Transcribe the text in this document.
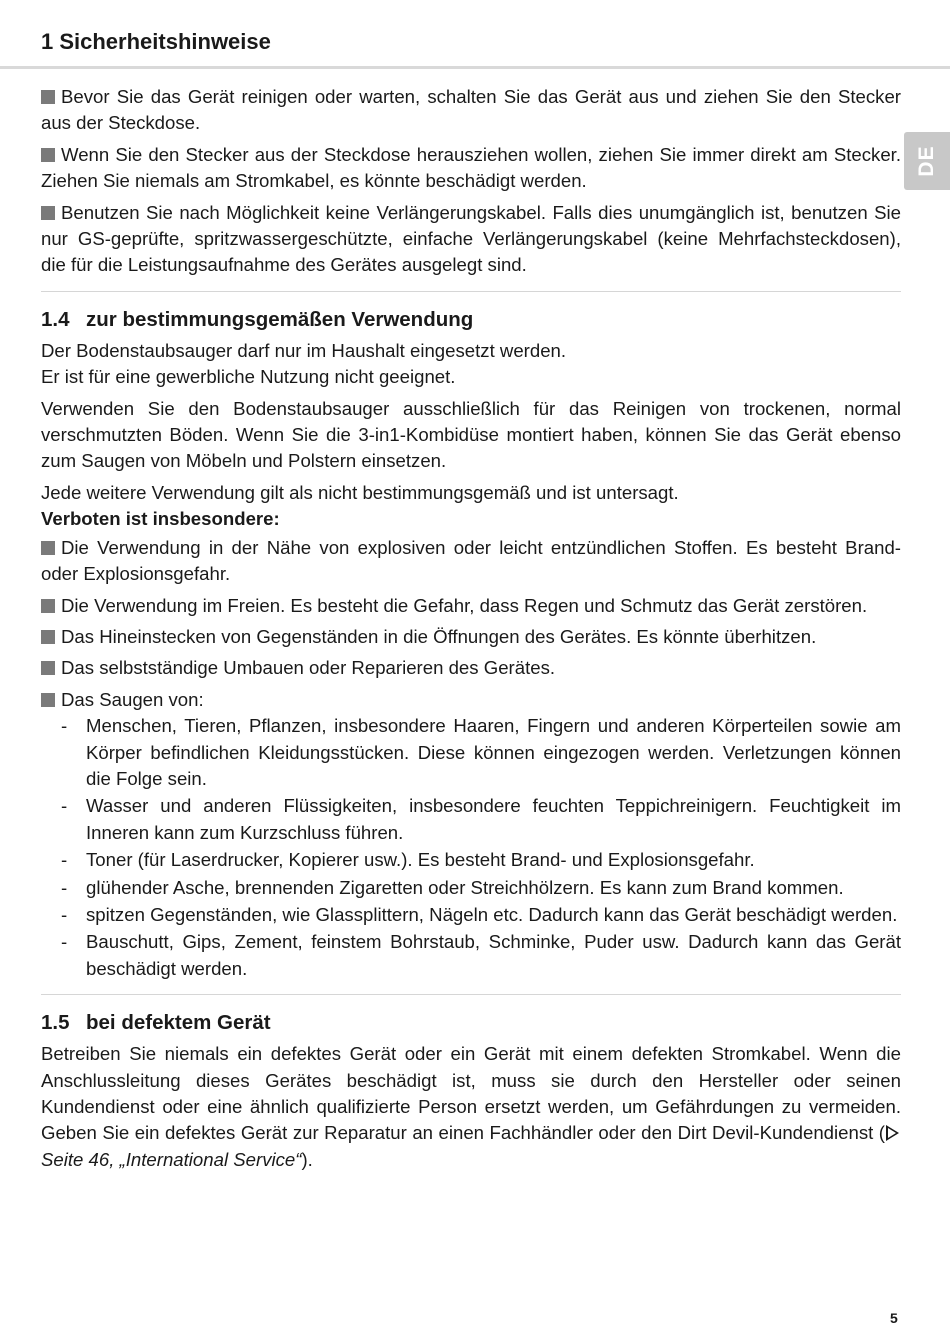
1 Sicherheitshinweise
DE

Bevor Sie das Gerät reinigen oder warten, schalten Sie das Gerät aus und ziehen Sie den Stecker aus der Steckdose.

Wenn Sie den Stecker aus der Steckdose herausziehen wollen, ziehen Sie immer direkt am Stecker. Ziehen Sie niemals am Stromkabel, es könnte beschädigt werden.

Benutzen Sie nach Möglichkeit keine Verlängerungskabel. Falls dies unumgänglich ist, benutzen Sie nur GS-geprüfte, spritzwassergeschützte, einfache Verlängerungskabel (keine Mehrfachsteckdosen), die für die Leistungsaufnahme des Gerätes ausgelegt sind.

1.4 zur bestimmungsgemäßen Verwendung

Der Bodenstaubsauger darf nur im Haushalt eingesetzt werden.
Er ist für eine gewerbliche Nutzung nicht geeignet.

Verwenden Sie den Bodenstaubsauger ausschließlich für das Reinigen von trockenen, normal verschmutzten Böden. Wenn Sie die 3-in1-Kombidüse montiert haben, können Sie das Gerät ebenso zum Saugen von Möbeln und Polstern einsetzen.

Jede weitere Verwendung gilt als nicht bestimmungsgemäß und ist untersagt.

Verboten ist insbesondere:

Die Verwendung in der Nähe von explosiven oder leicht entzündlichen Stoffen. Es besteht Brand- oder Explosionsgefahr.

Die Verwendung im Freien. Es besteht die Gefahr, dass Regen und Schmutz das Gerät zerstören.

Das Hineinstecken von Gegenständen in die Öffnungen des Gerätes. Es könnte überhitzen.

Das selbstständige Umbauen oder Reparieren des Gerätes.

Das Saugen von:

- Menschen, Tieren, Pflanzen, insbesondere Haaren, Fingern und anderen Körperteilen sowie am Körper befindlichen Kleidungsstücken. Diese können eingezogen werden. Verletzungen können die Folge sein.
- Wasser und anderen Flüssigkeiten, insbesondere feuchten Teppichreinigern. Feuchtigkeit im Inneren kann zum Kurzschluss führen.
- Toner (für Laserdrucker, Kopierer usw.). Es besteht Brand- und Explosionsgefahr.
- glühender Asche, brennenden Zigaretten oder Streichhölzern. Es kann zum Brand kommen.
- spitzen Gegenständen, wie Glassplittern, Nägeln etc. Dadurch kann das Gerät beschädigt werden.
- Bauschutt, Gips, Zement, feinstem Bohrstaub, Schminke, Puder usw. Dadurch kann das Gerät beschädigt werden.
1.5 bei defektem Gerät

Betreiben Sie niemals ein defektes Gerät oder ein Gerät mit einem defekten Stromkabel. Wenn die Anschlussleitung dieses Gerätes beschädigt ist, muss sie durch den Hersteller oder seinen Kundendienst oder eine ähnlich qualifizierte Person ersetzt werden, um Gefährdungen zu vermeiden. Geben Sie ein defektes Gerät zur Reparatur an einen Fachhändler oder den Dirt Devil-Kundendienst (Seite 46, „International Service“).

5
